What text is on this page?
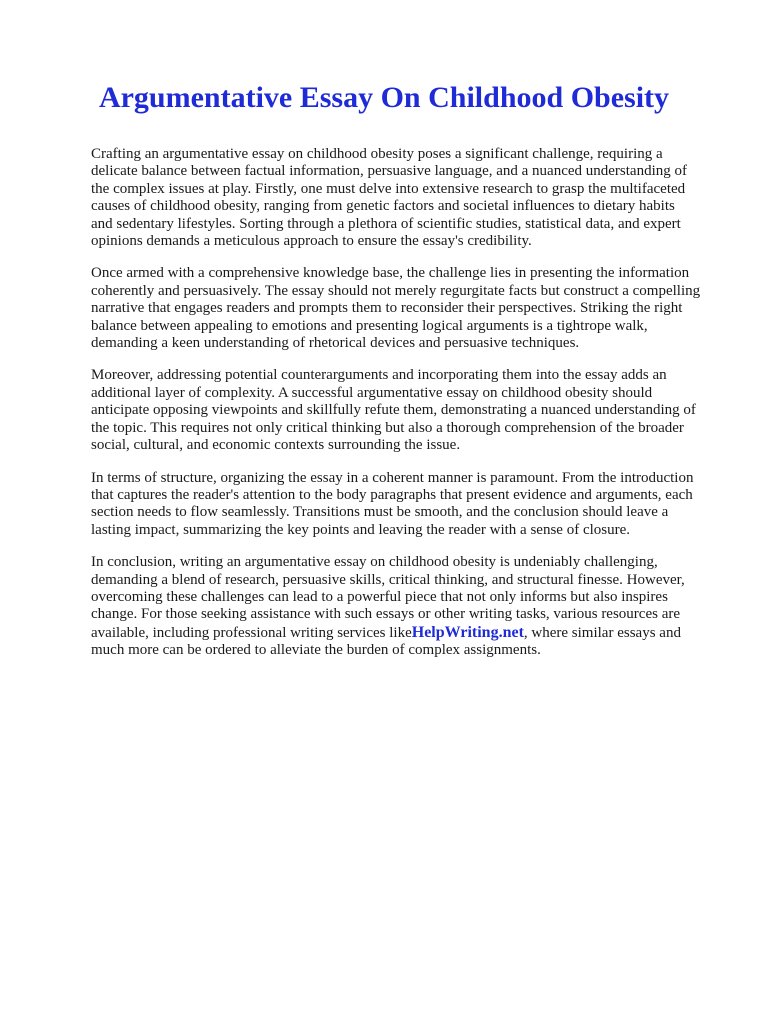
Argumentative Essay On Childhood Obesity

Crafting an argumentative essay on childhood obesity poses a significant challenge, requiring a
delicate balance between factual information, persuasive language, and a nuanced understanding of
the complex issues at play. Firstly, one must delve into extensive research to grasp the multifaceted
causes of childhood obesity, ranging from genetic factors and societal influences to dietary habits
and sedentary lifestyles. Sorting through a plethora of scientific studies, statistical data, and expert
opinions demands a meticulous approach to ensure the essay's credibility.

Once armed with a comprehensive knowledge base, the challenge lies in presenting the information
coherently and persuasively. The essay should not merely regurgitate facts but construct a compelling
narrative that engages readers and prompts them to reconsider their perspectives. Striking the right
balance between appealing to emotions and presenting logical arguments is a tightrope walk,
demanding a keen understanding of rhetorical devices and persuasive techniques.

Moreover, addressing potential counterarguments and incorporating them into the essay adds an
additional layer of complexity. A successful argumentative essay on childhood obesity should
anticipate opposing viewpoints and skillfully refute them, demonstrating a nuanced understanding of
the topic. This requires not only critical thinking but also a thorough comprehension of the broader
social, cultural, and economic contexts surrounding the issue.

In terms of structure, organizing the essay in a coherent manner is paramount. From the introduction
that captures the reader's attention to the body paragraphs that present evidence and arguments, each
section needs to flow seamlessly. Transitions must be smooth, and the conclusion should leave a
lasting impact, summarizing the key points and leaving the reader with a sense of closure.

In conclusion, writing an argumentative essay on childhood obesity is undeniably challenging,
demanding a blend of research, persuasive skills, critical thinking, and structural finesse. However,
overcoming these challenges can lead to a powerful piece that not only informs but also inspires
change. For those seeking assistance with such essays or other writing tasks, various resources are
available, including professional writing services likeHelpWriting.net, where similar essays and
much more can be ordered to alleviate the burden of complex assignments.
